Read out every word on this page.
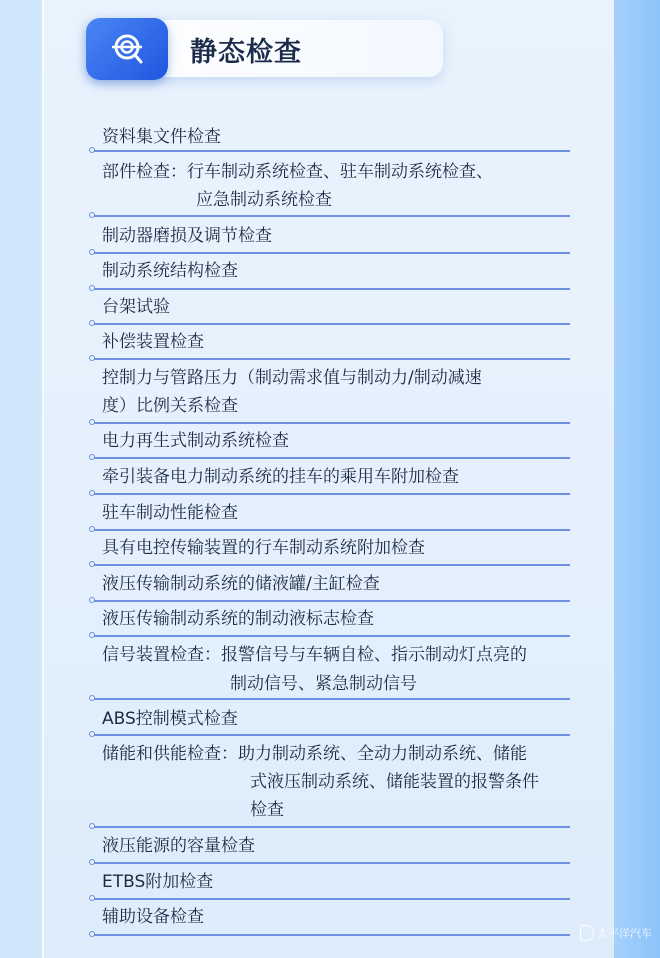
静态检查
资料集文件检查
部件检查：行车制动系统检查、驻车制动系统检查、
应急制动系统检查
制动器磨损及调节检查
制动系统结构检查
台架试验
补偿装置检查
控制力与管路压力（制动需求值与制动力/制动减速
度）比例关系检查
电力再生式制动系统检查
牵引装备电力制动系统的挂车的乘用车附加检查
驻车制动性能检查
具有电控传输装置的行车制动系统附加检查
液压传输制动系统的储液罐/主缸检查
液压传输制动系统的制动液标志检查
信号装置检查：报警信号与车辆自检、指示制动灯点亮的
制动信号、紧急制动信号
ABS控制模式检查
储能和供能检查：助力制动系统、全动力制动系统、储能
式液压制动系统、储能装置的报警条件
检查
液压能源的容量检查
ETBS附加检查
辅助设备检查
太平洋汽车
